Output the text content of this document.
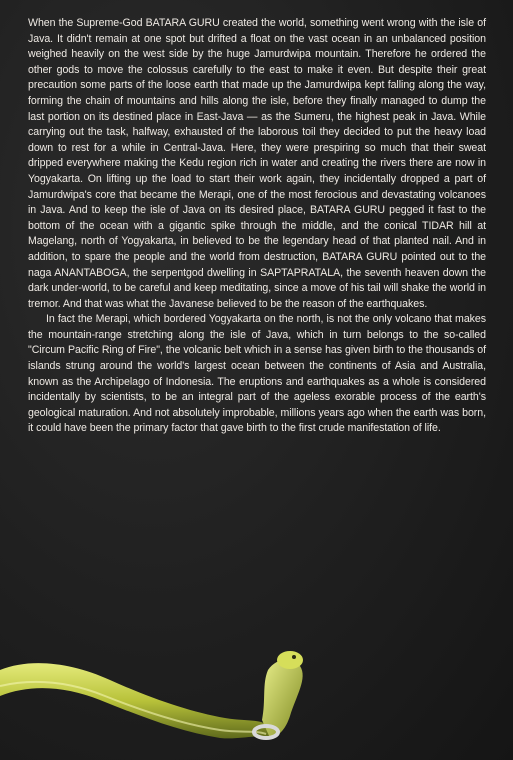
When the Supreme-God BATARA GURU created the world, something went wrong with the isle of Java. It didn't remain at one spot but drifted a float on the vast ocean in an unbalanced position weighed heavily on the west side by the huge Jamurdwipa mountain. Therefore he ordered the other gods to move the colossus carefully to the east to make it even. But despite their great precaution some parts of the loose earth that made up the Jamurdwipa kept falling along the way, forming the chain of mountains and hills along the isle, before they finally managed to dump the last portion on its destined place in East-Java — as the Sumeru, the highest peak in Java. While carrying out the task, halfway, exhausted of the laborous toil they decided to put the heavy load down to rest for a while in Central-Java. Here, they were prespiring so much that their sweat dripped everywhere making the Kedu region rich in water and creating the rivers there are now in Yogyakarta. On lifting up the load to start their work again, they incidentally dropped a part of Jamurdwipa's core that became the Merapi, one of the most ferocious and devastating volcanoes in Java. And to keep the isle of Java on its desired place, BATARA GURU pegged it fast to the bottom of the ocean with a gigantic spike through the middle, and the conical TIDAR hill at Magelang, north of Yogyakarta, in believed to be the legendary head of that planted nail. And in addition, to spare the people and the world from destruction, BATARA GURU pointed out to the naga ANANTABOGA, the serpentgod dwelling in SAPTAPRATALA, the seventh heaven down the dark under-world, to be careful and keep meditating, since a move of his tail will shake the world in tremor. And that was what the Javanese believed to be the reason of the earthquakes.

In fact the Merapi, which bordered Yogyakarta on the north, is not the only volcano that makes the mountain-range stretching along the isle of Java, which in turn belongs to the so-called "Circum Pacific Ring of Fire", the volcanic belt which in a sense has given birth to the thousands of islands strung around the world's largest ocean between the continents of Asia and Australia, known as the Archipelago of Indonesia. The eruptions and earthquakes as a whole is considered incidentally by scientists, to be an integral part of the ageless exorable process of the earth's geological maturation. And not absolutely improbable, millions years ago when the earth was born, it could have been the primary factor that gave birth to the first crude manifestation of life.
